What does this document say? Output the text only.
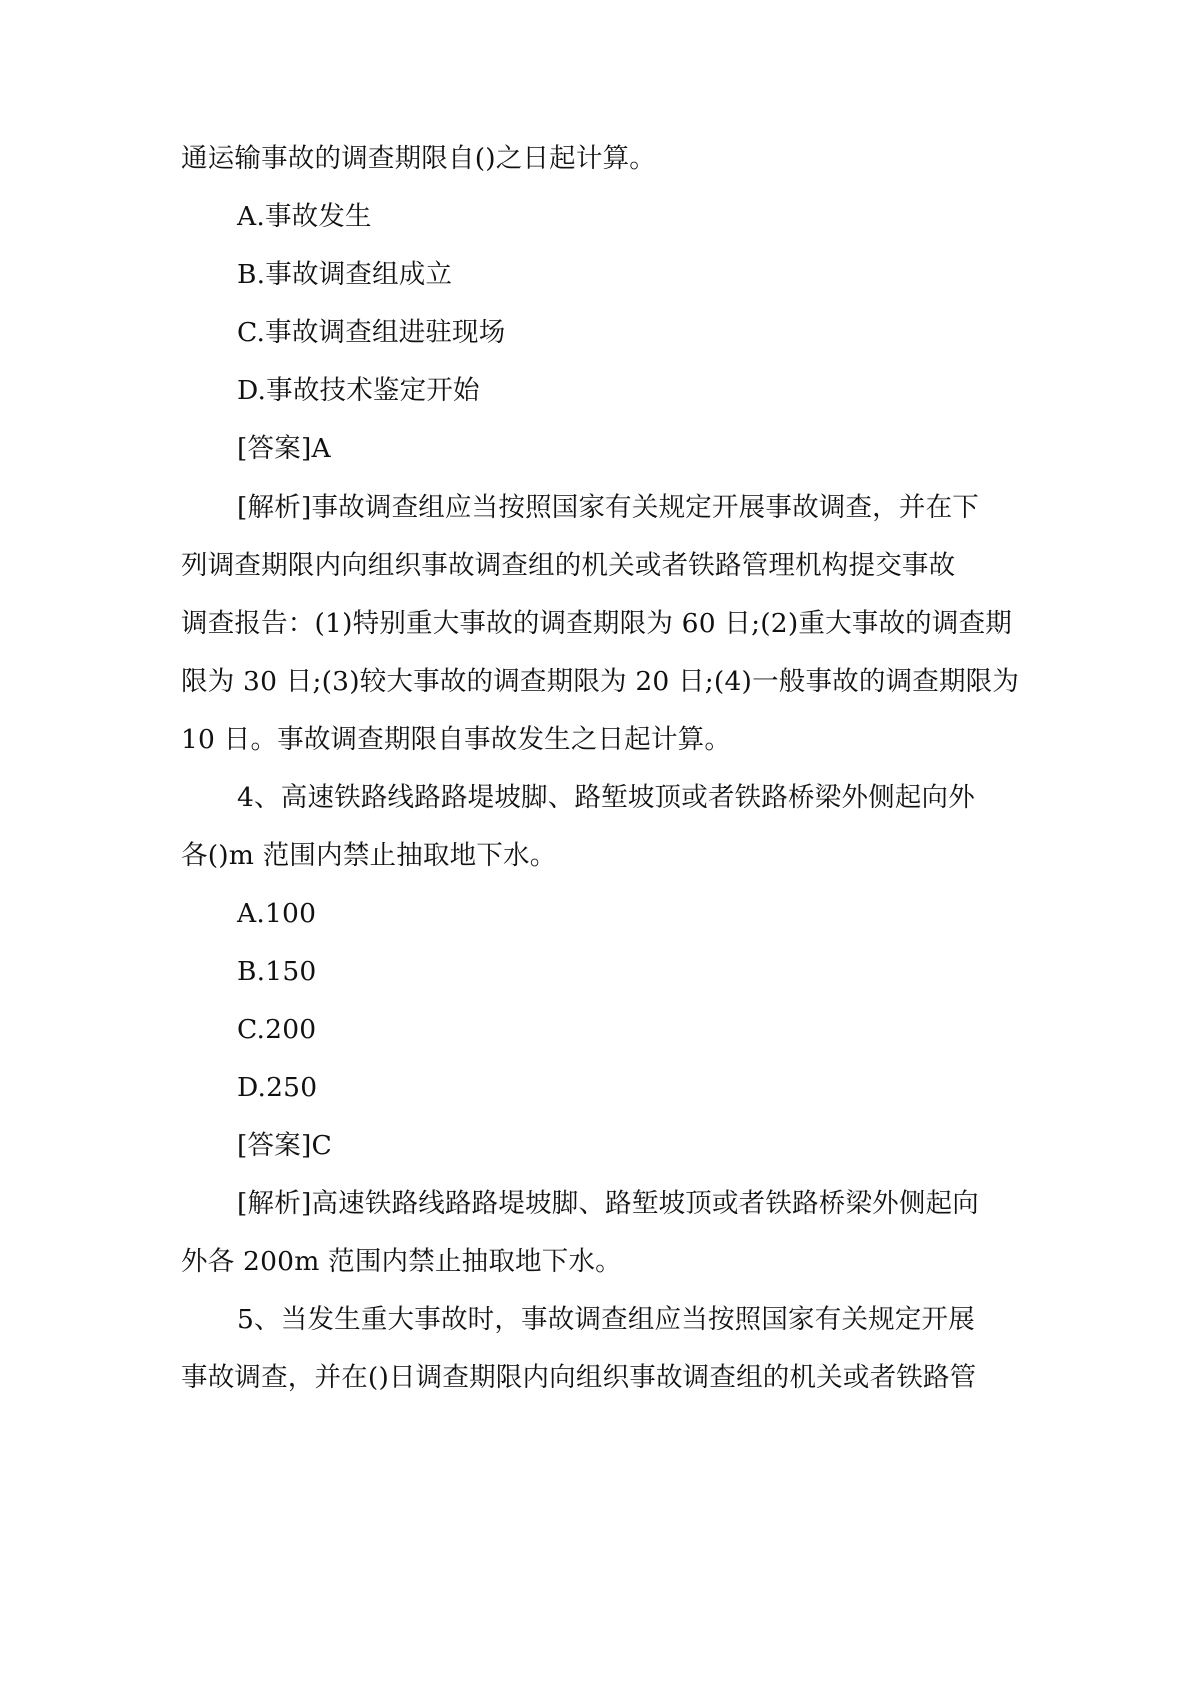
通运输事故的调查期限自()之日起计算。
A.事故发生
B.事故调查组成立
C.事故调查组进驻现场
D.事故技术鉴定开始
[答案]A
[解析]事故调查组应当按照国家有关规定开展事故调查，并在下
列调查期限内向组织事故调查组的机关或者铁路管理机构提交事故
调查报告：(1)特别重大事故的调查期限为 60 日;(2)重大事故的调查期
限为 30 日;(3)较大事故的调查期限为 20 日;(4)一般事故的调查期限为
10 日。事故调查期限自事故发生之日起计算。
4、高速铁路线路路堤坡脚、路堑坡顶或者铁路桥梁外侧起向外
各()m 范围内禁止抽取地下水。
A.100
B.150
C.200
D.250
[答案]C
[解析]高速铁路线路路堤坡脚、路堑坡顶或者铁路桥梁外侧起向
外各 200m 范围内禁止抽取地下水。
5、当发生重大事故时，事故调查组应当按照国家有关规定开展
事故调查，并在()日调查期限内向组织事故调查组的机关或者铁路管
